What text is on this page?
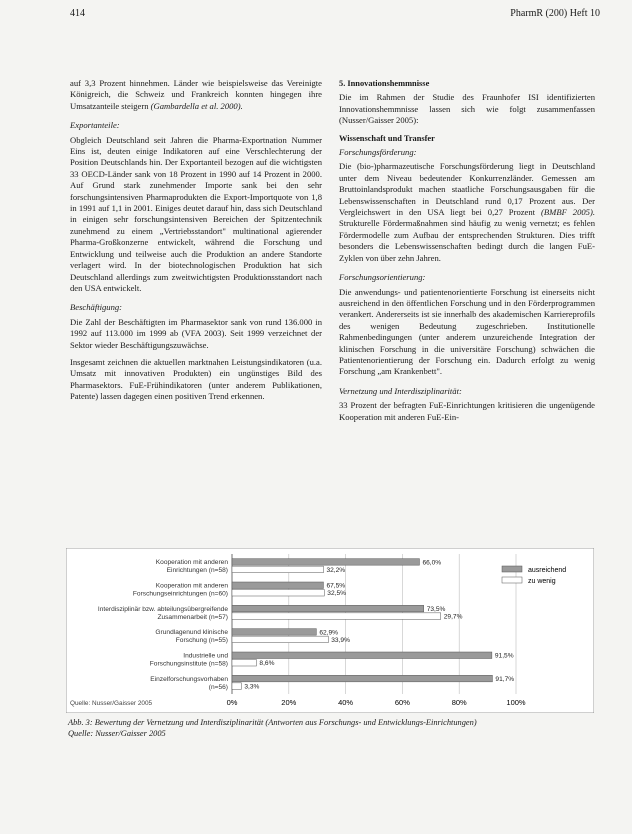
414	PharmR (200) Heft 10

auf 3,3 Prozent hinnehmen. Länder wie beispielsweise das Vereinigte Königreich, die Schweiz und Frankreich konnten hingegen ihre Umsatzanteile steigern (Gambardella et al. 2000).

Exportanteile:

Obgleich Deutschland seit Jahren die Pharma-Exportnation Nummer Eins ist, deuten einige Indikatoren auf eine Verschlechterung der Position Deutschlands hin. Der Exportanteil bezogen auf die wichtigsten 33 OECD-Länder sank von 18 Prozent in 1990 auf 14 Prozent in 2000. Auf Grund stark zunehmender Importe sank bei den sehr forschungsintensiven Pharmaprodukten die Export-Importquote von 1,8 in 1991 auf 1,1 in 2001. Einiges deutet darauf hin, dass sich Deutschland in einigen sehr forschungsintensiven Bereichen der Spitzentechnik zunehmend zu einem „Vertriebsstandort" multinational agierender Pharma-Großkonzerne entwickelt, während die Forschung und Entwicklung und teilweise auch die Produktion an andere Standorte verlagert wird. In der biotechnologischen Produktion hat sich Deutschland allerdings zum zweitwichtigsten Produktionsstandort nach den USA entwickelt.

Beschäftigung:

Die Zahl der Beschäftigten im Pharmasektor sank von rund 136.000 in 1992 auf 113.000 im 1999 ab (VFA 2003). Seit 1999 verzeichnet der Sektor wieder Beschäftigungszuwächse.

Insgesamt zeichnen die aktuellen marktnahen Leistungsindikatoren (u.a. Umsatz mit innovativen Produkten) ein ungünstiges Bild des Pharmasektors. FuE-Frühindikatoren (unter anderem Publikationen, Patente) lassen dagegen einen positiven Trend erkennen.

5. Innovationshemmnisse

Die im Rahmen der Studie des Fraunhofer ISI identifizierten Innovationshemmnisse lassen sich wie folgt zusammenfassen (Nusser/Gaisser 2005):

Wissenschaft und Transfer
Forschungsförderung:

Die (bio-)pharmazeutische Forschungsförderung liegt in Deutschland unter dem Niveau bedeutender Konkurrenzländer. Gemessen am Bruttoinlandsprodukt machen staatliche Forschungsausgaben für die Lebenswissenschaften in Deutschland rund 0,17 Prozent aus. Der Vergleichswert in den USA liegt bei 0,27 Prozent (BMBF 2005). Strukturelle Fördermaßnahmen sind häufig zu wenig vernetzt; es fehlen Fördermodelle zum Aufbau der entsprechenden Strukturen. Dies trifft besonders die Lebenswissenschaften bedingt durch die langen FuE-Zyklen von über zehn Jahren.

Forschungsorientierung:

Die anwendungs- und patientenorientierte Forschung ist einerseits nicht ausreichend in den öffentlichen Forschung und in den Förderprogrammen verankert. Andererseits ist sie innerhalb des akademischen Karriereprofils des wenigen Bedeutung zugeschrieben. Institutionelle Rahmenbedingungen (unter anderem unzureichende Integration der klinischen Forschung in die universitäre Forschung) schwächen die Patientenorientierung der Forschung ein. Dadurch erfolgt zu wenig Forschung „am Krankenbett".

Vernetzung und Interdisziplinarität:

33 Prozent der befragten FuE-Einrichtungen kritisieren die ungenügende Kooperation mit anderen FuE-Ein-

0%	20%	40%	60%	80%	100%
Kooperation mit anderen
Einrichtungen (n=58)
66,0%
32,2%
Kooperation mit anderen
Forschungseinrichtungen (n=60)
67,5%
32,5%
Interdisziplinär bzw. abteilungsübergreifende
Zusammenarbeit (n=57)
73,5%
29,7%
Grundlagenund klinische
Forschung (n=55)
62,9%
33,9%
Industrielle und
Forschungsinstitute (n=58)
91,5%
8,6%
Einzelforschungsvorhaben
(n=56)
91,7%
3,3%
ausreichend
zu wenig
Quelle: Nusser/Gaisser 2005
Abb. 3: Bewertung der Vernetzung und Interdisziplinarität (Antworten aus Forschungs- und Entwicklungs-Einrichtungen)
Quelle: Nusser/Gaisser 2005
